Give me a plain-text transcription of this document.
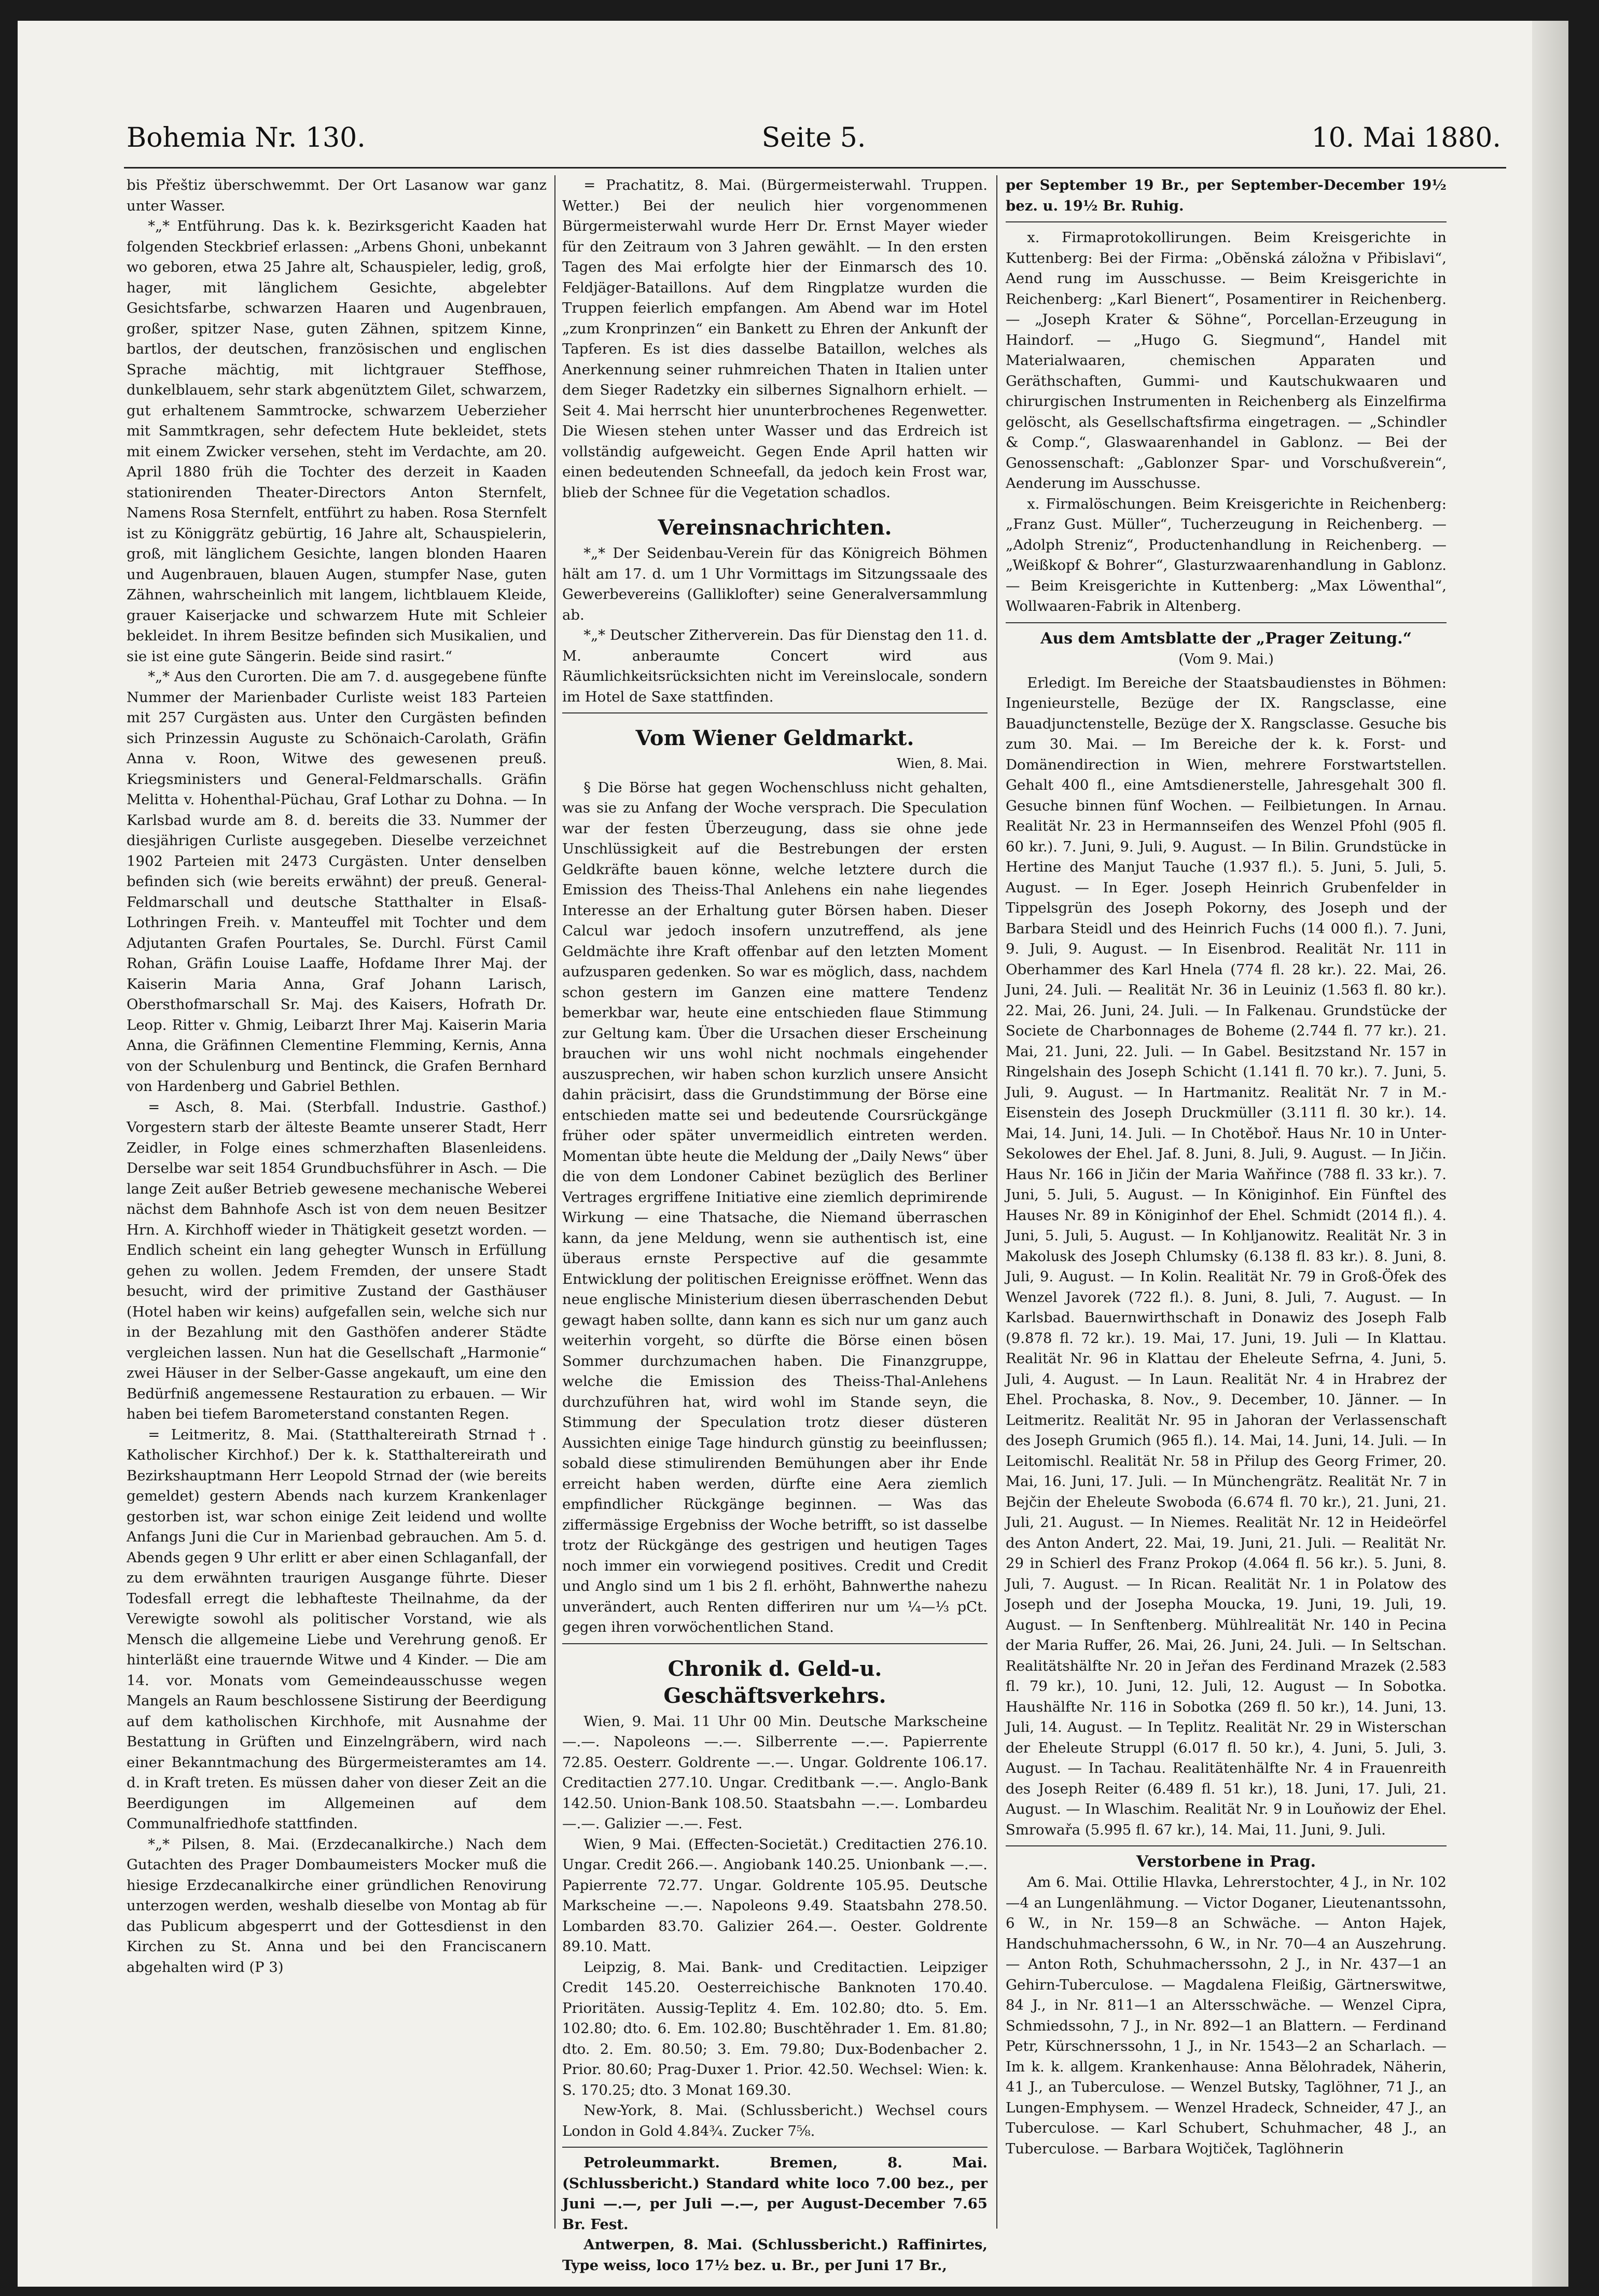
Bohemia Nr. 130.	Seite 5.	10. Mai 1880.

bis Přeštiz überschwemmt. Der Ort Lasanow war ganz unter Wasser.

*„* Entführung. Das k. k. Bezirksgericht Kaaden hat folgenden Steckbrief erlassen: „Arbens Ghoni, unbekannt wo geboren, etwa 25 Jahre alt, Schauspieler, ledig, groß, hager, mit länglichem Gesichte, abgelebter Gesichtsfarbe, schwarzen Haaren und Augenbrauen, großer, spitzer Nase, guten Zähnen, spitzem Kinne, bartlos, der deutschen, französischen und englischen Sprache mächtig, mit lichtgrauer Steffhose, dunkelblauem, sehr stark abgenütztem Gilet, schwarzem, gut erhaltenem Sammtrocke, schwarzem Ueberzieher mit Sammtkragen, sehr defectem Hute bekleidet, stets mit einem Zwicker versehen, steht im Verdachte, am 20. April 1880 früh die Tochter des derzeit in Kaaden stationirenden Theater-Directors Anton Sternfelt, Namens Rosa Sternfelt, entführt zu haben. Rosa Sternfelt ist zu Königgrätz gebürtig, 16 Jahre alt, Schauspielerin, groß, mit länglichem Gesichte, langen blonden Haaren und Augenbrauen, blauen Augen, stumpfer Nase, guten Zähnen, wahrscheinlich mit langem, lichtblauem Kleide, grauer Kaiserjacke und schwarzem Hute mit Schleier bekleidet. In ihrem Besitze befinden sich Musikalien, und sie ist eine gute Sängerin. Beide sind rasirt.“

*„* Aus den Curorten. Die am 7. d. ausgegebene fünfte Nummer der Marienbader Curliste weist 183 Parteien mit 257 Curgästen aus. Unter den Curgästen befinden sich Prinzessin Auguste zu Schönaich-Carolath, Gräfin Anna v. Roon, Witwe des gewesenen preuß. Kriegsministers und General-Feldmarschalls. Gräfin Melitta v. Hohenthal-Püchau, Graf Lothar zu Dohna. — In Karlsbad wurde am 8. d. bereits die 33. Nummer der diesjährigen Curliste ausgegeben. Dieselbe verzeichnet 1902 Parteien mit 2473 Curgästen. Unter denselben befinden sich (wie bereits erwähnt) der preuß. General-Feldmarschall und deutsche Statthalter in Elsaß-Lothringen Freih. v. Manteuffel mit Tochter und dem Adjutanten Grafen Pourtales, Se. Durchl. Fürst Camil Rohan, Gräfin Louise Laaffe, Hofdame Ihrer Maj. der Kaiserin Maria Anna, Graf Johann Larisch, Obersthofmarschall Sr. Maj. des Kaisers, Hofrath Dr. Leop. Ritter v. Ghmig, Leibarzt Ihrer Maj. Kaiserin Maria Anna, die Gräfinnen Clementine Flemming, Kernis, Anna von der Schulenburg und Bentinck, die Grafen Bernhard von Hardenberg und Gabriel Bethlen.

= Asch, 8. Mai. (Sterbfall. Industrie. Gasthof.) Vorgestern starb der älteste Beamte unserer Stadt, Herr Zeidler, in Folge eines schmerzhaften Blasenleidens. Derselbe war seit 1854 Grundbuchsführer in Asch. — Die lange Zeit außer Betrieb gewesene mechanische Weberei nächst dem Bahnhofe Asch ist von dem neuen Besitzer Hrn. A. Kirchhoff wieder in Thätigkeit gesetzt worden. — Endlich scheint ein lang gehegter Wunsch in Erfüllung gehen zu wollen. Jedem Fremden, der unsere Stadt besucht, wird der primitive Zustand der Gasthäuser (Hotel haben wir keins) aufgefallen sein, welche sich nur in der Bezahlung mit den Gasthöfen anderer Städte vergleichen lassen. Nun hat die Gesellschaft „Harmonie“ zwei Häuser in der Selber-Gasse angekauft, um eine den Bedürfniß angemessene Restauration zu erbauen. — Wir haben bei tiefem Barometerstand constanten Regen.

= Leitmeritz, 8. Mai. (Statthaltereirath Strnad †. Katholischer Kirchhof.) Der k. k. Statthaltereirath und Bezirkshauptmann Herr Leopold Strnad der (wie bereits gemeldet) gestern Abends nach kurzem Krankenlager gestorben ist, war schon einige Zeit leidend und wollte Anfangs Juni die Cur in Marienbad gebrauchen. Am 5. d. Abends gegen 9 Uhr erlitt er aber einen Schlaganfall, der zu dem erwähnten traurigen Ausgange führte. Dieser Todesfall erregt die lebhafteste Theilnahme, da der Verewigte sowohl als politischer Vorstand, wie als Mensch die allgemeine Liebe und Verehrung genoß. Er hinterläßt eine trauernde Witwe und 4 Kinder. — Die am 14. vor. Monats vom Gemeindeausschusse wegen Mangels an Raum beschlossene Sistirung der Beerdigung auf dem katholischen Kirchhofe, mit Ausnahme der Bestattung in Grüften und Einzelngräbern, wird nach einer Bekanntmachung des Bürgermeisteramtes am 14. d. in Kraft treten. Es müssen daher von dieser Zeit an die Beerdigungen im Allgemeinen auf dem Communalfriedhofe stattfinden.

*„* Pilsen, 8. Mai. (Erzdecanalkirche.) Nach dem Gutachten des Prager Dombaumeisters Mocker muß die hiesige Erzdecanalkirche einer gründlichen Renovirung unterzogen werden, weshalb dieselbe von Montag ab für das Publicum abgesperrt und der Gottesdienst in den Kirchen zu St. Anna und bei den Franciscanern abgehalten wird (P 3)

= Prachatitz, 8. Mai. (Bürgermeisterwahl. Truppen. Wetter.) Bei der neulich hier vorgenommenen Bürgermeisterwahl wurde Herr Dr. Ernst Mayer wieder für den Zeitraum von 3 Jahren gewählt. — In den ersten Tagen des Mai erfolgte hier der Einmarsch des 10. Feldjäger-Bataillons. Auf dem Ringplatze wurden die Truppen feierlich empfangen. Am Abend war im Hotel „zum Kronprinzen“ ein Bankett zu Ehren der Ankunft der Tapferen. Es ist dies dasselbe Bataillon, welches als Anerkennung seiner ruhmreichen Thaten in Italien unter dem Sieger Radetzky ein silbernes Signalhorn erhielt. — Seit 4. Mai herrscht hier ununterbrochenes Regenwetter. Die Wiesen stehen unter Wasser und das Erdreich ist vollständig aufgeweicht. Gegen Ende April hatten wir einen bedeutenden Schneefall, da jedoch kein Frost war, blieb der Schnee für die Vegetation schadlos.

Vereinsnachrichten.

*„* Der Seidenbau-Verein für das Königreich Böhmen hält am 17. d. um 1 Uhr Vormittags im Sitzungssaale des Gewerbevereins (Galliklofter) seine Generalversammlung ab.

*„* Deutscher Zitherverein. Das für Dienstag den 11. d. M. anberaumte Concert wird aus Räumlichkeitsrücksichten nicht im Vereinslocale, sondern im Hotel de Saxe stattfinden.

Vom Wiener Geldmarkt.
Wien, 8. Mai.

§ Die Börse hat gegen Wochenschluss nicht gehalten, was sie zu Anfang der Woche versprach. Die Speculation war der festen Überzeugung, dass sie ohne jede Unschlüssigkeit auf die Bestrebungen der ersten Geldkräfte bauen könne, welche letztere durch die Emission des Theiss-Thal Anlehens ein nahe liegendes Interesse an der Erhaltung guter Börsen haben. Dieser Calcul war jedoch insofern unzutreffend, als jene Geldmächte ihre Kraft offenbar auf den letzten Moment aufzusparen gedenken. So war es möglich, dass, nachdem schon gestern im Ganzen eine mattere Tendenz bemerkbar war, heute eine entschieden flaue Stimmung zur Geltung kam. Über die Ursachen dieser Erscheinung brauchen wir uns wohl nicht nochmals eingehender auszusprechen, wir haben schon kurzlich unsere Ansicht dahin präcisirt, dass die Grundstimmung der Börse eine entschieden matte sei und bedeutende Coursrückgänge früher oder später unvermeidlich eintreten werden. Momentan übte heute die Meldung der „Daily News“ über die von dem Londoner Cabinet bezüglich des Berliner Vertrages ergriffene Initiative eine ziemlich deprimirende Wirkung — eine Thatsache, die Niemand überraschen kann, da jene Meldung, wenn sie authentisch ist, eine überaus ernste Perspective auf die gesammte Entwicklung der politischen Ereignisse eröffnet. Wenn das neue englische Ministerium diesen überraschenden Debut gewagt haben sollte, dann kann es sich nur um ganz auch weiterhin vorgeht, so dürfte die Börse einen bösen Sommer durchzumachen haben. Die Finanzgruppe, welche die Emission des Theiss-Thal-Anlehens durchzuführen hat, wird wohl im Stande seyn, die Stimmung der Speculation trotz dieser düsteren Aussichten einige Tage hindurch günstig zu beeinflussen; sobald diese stimulirenden Bemühungen aber ihr Ende erreicht haben werden, dürfte eine Aera ziemlich empfindlicher Rückgänge beginnen. — Was das ziffermässige Ergebniss der Woche betrifft, so ist dasselbe trotz der Rückgänge des gestrigen und heutigen Tages noch immer ein vorwiegend positives. Credit und Credit und Anglo sind um 1 bis 2 fl. erhöht, Bahnwerthe nahezu unverändert, auch Renten differiren nur um ¼—⅓ pCt. gegen ihren vorwöchentlichen Stand.

Chronik d. Geld-u. Geschäftsverkehrs.

Wien, 9. Mai. 11 Uhr 00 Min. Deutsche Markscheine —.—. Napoleons —.—. Silberrente —.—. Papierrente 72.85. Oesterr. Goldrente —.—. Ungar. Goldrente 106.17. Creditactien 277.10. Ungar. Creditbank —.—. Anglo-Bank 142.50. Union-Bank 108.50. Staatsbahn —.—. Lombardeu —.—. Galizier —.—. Fest.

Wien, 9 Mai. (Effecten-Societät.) Creditactien 276.10. Ungar. Credit 266.—. Angiobank 140.25. Unionbank —.—. Papierrente 72.77. Ungar. Goldrente 105.95. Deutsche Markscheine —.—. Napoleons 9.49. Staatsbahn 278.50. Lombarden 83.70. Galizier 264.—. Oester. Goldrente 89.10. Matt.

Leipzig, 8. Mai. Bank- und Creditactien. Leipziger Credit 145.20. Oesterreichische Banknoten 170.40. Prioritäten. Aussig-Teplitz 4. Em. 102.80; dto. 5. Em. 102.80; dto. 6. Em. 102.80; Buschtěhrader 1. Em. 81.80; dto. 2. Em. 80.50; 3. Em. 79.80; Dux-Bodenbacher 2. Prior. 80.60; Prag-Duxer 1. Prior. 42.50. Wechsel: Wien: k. S. 170.25; dto. 3 Monat 169.30.

New-York, 8. Mai. (Schlussbericht.) Wechsel cours London in Gold 4.84¾. Zucker 7⅝.

Petroleummarkt. Bremen, 8. Mai. (Schlussbericht.) Standard white loco 7.00 bez., per Juni —.—, per Juli —.—, per August-December 7.65 Br. Fest.

Antwerpen, 8. Mai. (Schlussbericht.) Raffinirtes, Type weiss, loco 17½ bez. u. Br., per Juni 17 Br.,

per September 19 Br., per September-December 19½ bez. u. 19½ Br. Ruhig.

x. Firmaprotokollirungen. Beim Kreisgerichte in Kuttenberg: Bei der Firma: „Obĕnská záložna v Přibislavi“, Aend rung im Ausschusse. — Beim Kreisgerichte in Reichenberg: „Karl Bienert“, Posamentirer in Reichenberg. — „Joseph Krater & Söhne“, Porcellan-Erzeugung in Haindorf. — „Hugo G. Siegmund“, Handel mit Materialwaaren, chemischen Apparaten und Geräthschaften, Gummi- und Kautschukwaaren und chirurgischen Instrumenten in Reichenberg als Einzelfirma gelöscht, als Gesellschaftsfirma eingetragen. — „Schindler & Comp.“, Glaswaarenhandel in Gablonz. — Bei der Genossenschaft: „Gablonzer Spar- und Vorschußverein“, Aenderung im Ausschusse.

x. Firmalöschungen. Beim Kreisgerichte in Reichenberg: „Franz Gust. Müller“, Tucherzeugung in Reichenberg. — „Adolph Streniz“, Productenhandlung in Reichenberg. — „Weißkopf & Bohrer“, Glasturzwaarenhandlung in Gablonz. — Beim Kreisgerichte in Kuttenberg: „Max Löwenthal“, Wollwaaren-Fabrik in Altenberg.

Aus dem Amtsblatte der „Prager Zeitung.“
(Vom 9. Mai.)

Erledigt. Im Bereiche der Staatsbaudienstes in Böhmen: Ingenieurstelle, Bezüge der IX. Rangsclasse, eine Bauadjunctenstelle, Bezüge der X. Rangsclasse. Gesuche bis zum 30. Mai. — Im Bereiche der k. k. Forst- und Domänendirection in Wien, mehrere Forstwartstellen. Gehalt 400 fl., eine Amtsdienerstelle, Jahresgehalt 300 fl. Gesuche binnen fünf Wochen. — Feilbietungen. In Arnau. Realität Nr. 23 in Hermannseifen des Wenzel Pfohl (905 fl. 60 kr.). 7. Juni, 9. Juli, 9. August. — In Bilin. Grundstücke in Hertine des Manjut Tauche (1.937 fl.). 5. Juni, 5. Juli, 5. August. — In Eger. Joseph Heinrich Grubenfelder in Tippelsgrün des Joseph Pokorny, des Joseph und der Barbara Steidl und des Heinrich Fuchs (14 000 fl.). 7. Juni, 9. Juli, 9. August. — In Eisenbrod. Realität Nr. 111 in Oberhammer des Karl Hnela (774 fl. 28 kr.). 22. Mai, 26. Juni, 24. Juli. — Realität Nr. 36 in Leuiniz (1.563 fl. 80 kr.). 22. Mai, 26. Juni, 24. Juli. — In Falkenau. Grundstücke der Societe de Charbonnages de Boheme (2.744 fl. 77 kr.). 21. Mai, 21. Juni, 22. Juli. — In Gabel. Besitzstand Nr. 157 in Ringelshain des Joseph Schicht (1.141 fl. 70 kr.). 7. Juni, 5. Juli, 9. August. — In Hartmanitz. Realität Nr. 7 in M.-Eisenstein des Joseph Druckmüller (3.111 fl. 30 kr.). 14. Mai, 14. Juni, 14. Juli. — In Chotěboř. Haus Nr. 10 in Unter-Sekolowes der Ehel. Jaf. 8. Juni, 8. Juli, 9. August. — In Jičin. Haus Nr. 166 in Jičin der Maria Waňřince (788 fl. 33 kr.). 7. Juni, 5. Juli, 5. August. — In Königinhof. Ein Fünftel des Hauses Nr. 89 in Königinhof der Ehel. Schmidt (2014 fl.). 4. Juni, 5. Juli, 5. August. — In Kohljanowitz. Realität Nr. 3 in Makolusk des Joseph Chlumsky (6.138 fl. 83 kr.). 8. Juni, 8. Juli, 9. August. — In Kolin. Realität Nr. 79 in Groß-Öfek des Wenzel Javorek (722 fl.). 8. Juni, 8. Juli, 7. August. — In Karlsbad. Bauernwirthschaft in Donawiz des Joseph Falb (9.878 fl. 72 kr.). 19. Mai, 17. Juni, 19. Juli — In Klattau. Realität Nr. 96 in Klattau der Eheleute Sefrna, 4. Juni, 5. Juli, 4. August. — In Laun. Realität Nr. 4 in Hrabrez der Ehel. Prochaska, 8. Nov., 9. December, 10. Jänner. — In Leitmeritz. Realität Nr. 95 in Jahoran der Verlassenschaft des Joseph Grumich (965 fl.). 14. Mai, 14. Juni, 14. Juli. — In Leitomischl. Realität Nr. 58 in Přilup des Georg Frimer, 20. Mai, 16. Juni, 17. Juli. — In Münchengrätz. Realität Nr. 7 in Bejčin der Eheleute Swoboda (6.674 fl. 70 kr.), 21. Juni, 21. Juli, 21. August. — In Niemes. Realität Nr. 12 in Heideörfel des Anton Andert, 22. Mai, 19. Juni, 21. Juli. — Realität Nr. 29 in Schierl des Franz Prokop (4.064 fl. 56 kr.). 5. Juni, 8. Juli, 7. August. — In Rican. Realität Nr. 1 in Polatow des Joseph und der Josepha Moucka, 19. Juni, 19. Juli, 19. August. — In Senftenberg. Mühlrealität Nr. 140 in Pecina der Maria Ruffer, 26. Mai, 26. Juni, 24. Juli. — In Seltschan. Realitätshälfte Nr. 20 in Jeřan des Ferdinand Mrazek (2.583 fl. 79 kr.), 10. Juni, 12. Juli, 12. August — In Sobotka. Haushälfte Nr. 116 in Sobotka (269 fl. 50 kr.), 14. Juni, 13. Juli, 14. August. — In Teplitz. Realität Nr. 29 in Wisterschan der Eheleute Struppl (6.017 fl. 50 kr.), 4. Juni, 5. Juli, 3. August. — In Tachau. Realitätenhälfte Nr. 4 in Frauenreith des Joseph Reiter (6.489 fl. 51 kr.), 18. Juni, 17. Juli, 21. August. — In Wlaschim. Realität Nr. 9 in Louňowiz der Ehel. Smrowařa (5.995 fl. 67 kr.), 14. Mai, 11. Juni, 9. Juli.

Verstorbene in Prag.

Am 6. Mai. Ottilie Hlavka, Lehrerstochter, 4 J., in Nr. 102—4 an Lungenlähmung. — Victor Doganer, Lieutenantssohn, 6 W., in Nr. 159—8 an Schwäche. — Anton Hajek, Handschuhmacherssohn, 6 W., in Nr. 70—4 an Auszehrung. — Anton Roth, Schuhmacherssohn, 2 J., in Nr. 437—1 an Gehirn-Tuberculose. — Magdalena Fleißig, Gärtnerswitwe, 84 J., in Nr. 811—1 an Altersschwäche. — Wenzel Cipra, Schmiedssohn, 7 J., in Nr. 892—1 an Blattern. — Ferdinand Petr, Kürschnerssohn, 1 J., in Nr. 1543—2 an Scharlach. — Im k. k. allgem. Krankenhause: Anna Bělohradek, Näherin, 41 J., an Tuberculose. — Wenzel Butsky, Taglöhner, 71 J., an Lungen-Emphysem. — Wenzel Hradeck, Schneider, 47 J., an Tuberculose. — Karl Schubert, Schuhmacher, 48 J., an Tuberculose. — Barbara Wojtiček, Taglöhnerin
